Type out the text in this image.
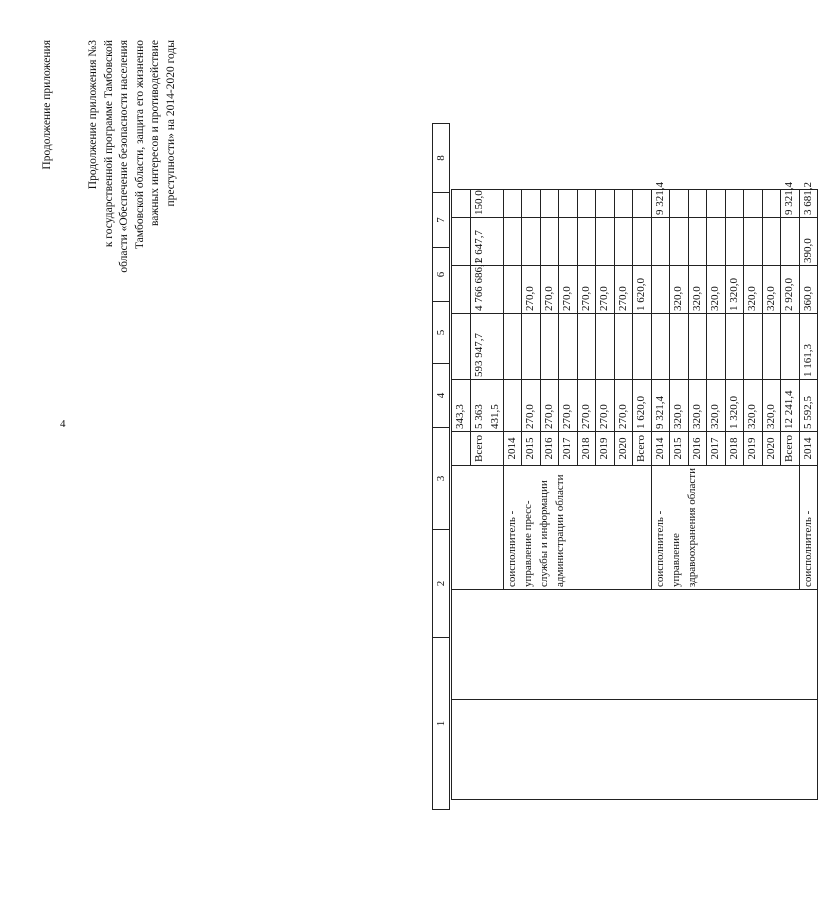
4
Продолжение приложения	Продолжение приложения №3 к государственной программе Тамбовской области «Обеспечение безопасности населения Тамбовской области, защита его жизненно важных интересов и противодействие преступности» на 2014-2020 годы
1	2	3	4	5	6	7	8
				343,3					
			Всего	5 363 431,5	593 947,7	4 766 686,1	2 647,7	150,0	
		соисполнитель - управление пресс-службы и информации администрации области	2014						
			2015	270,0		270,0			
			2016	270,0		270,0			
			2017	270,0		270,0			
			2018	270,0		270,0			
			2019	270,0		270,0			
			2020	270,0		270,0			
			Всего	1 620,0		1 620,0			
		соисполнитель - управление здравоохранения области	2014	9 321,4				9 321,4	
			2015	320,0		320,0			
			2016	320,0		320,0			
			2017	320,0		320,0			
			2018	1 320,0		1 320,0			
			2019	320,0		320,0			
			2020	320,0		320,0			
			Всего	12 241,4		2 920,0		9 321,4	
		соисполнитель -	2014	5 592,5	1 161,3	360,0	390,0	3 681,2	
